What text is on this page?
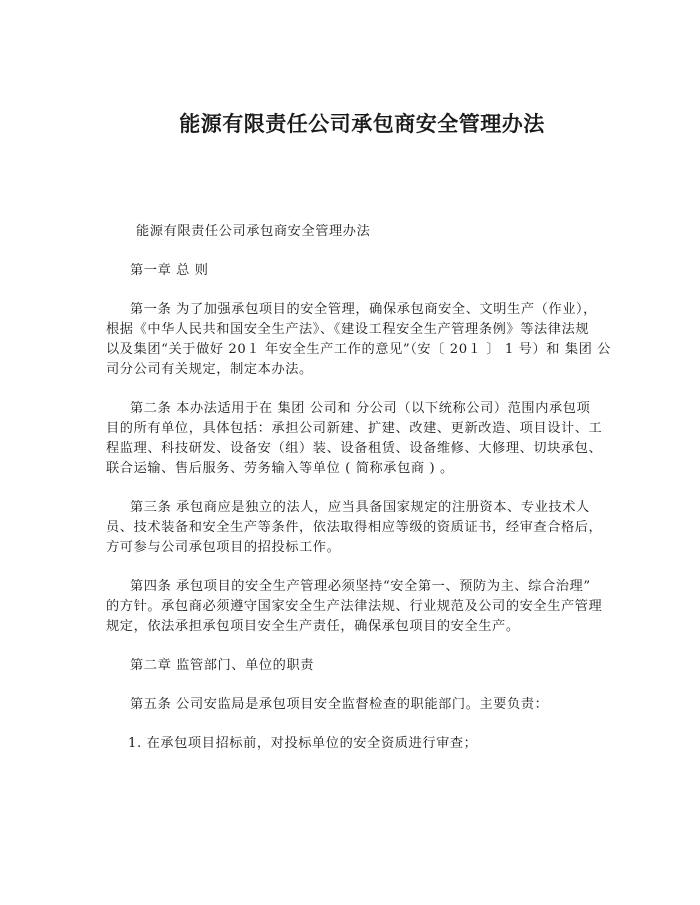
能源有限责任公司承包商安全管理办法
能源有限责任公司承包商安全管理办法
第一章 总 则
第一条 为了加强承包项目的安全管理，确保承包商安全、文明生产（作业），
根据《中华人民共和国安全生产法》、《建设工程安全生产管理条例》等法律法规
以及集团“关于做好 20１ 年安全生产工作的意见”（安〔 20１ 〕 1 号）和 集团 公
司分公司有关规定，制定本办法。
第二条 本办法适用于在 集团 公司和 分公司（以下统称公司）范围内承包项
目的所有单位，具体包括：承担公司新建、扩建、改建、更新改造、项目设计、工
程监理、科技研发、设备安（组）装、设备租赁、设备维修、大修理、切块承包、
联合运输、售后服务、劳务输入等单位 ( 简称承包商 ) 。
第三条 承包商应是独立的法人，应当具备国家规定的注册资本、专业技术人
员、技术装备和安全生产等条件，依法取得相应等级的资质证书，经审查合格后，
方可参与公司承包项目的招投标工作。
第四条 承包项目的安全生产管理必须坚持“安全第一、预防为主、综合治理”
的方针。承包商必须遵守国家安全生产法律法规、行业规范及公司的安全生产管理
规定，依法承担承包项目安全生产责任，确保承包项目的安全生产。
第二章 监管部门、单位的职责
第五条 公司安监局是承包项目安全监督检查的职能部门。主要负责：
1. 在承包项目招标前，对投标单位的安全资质进行审查；
